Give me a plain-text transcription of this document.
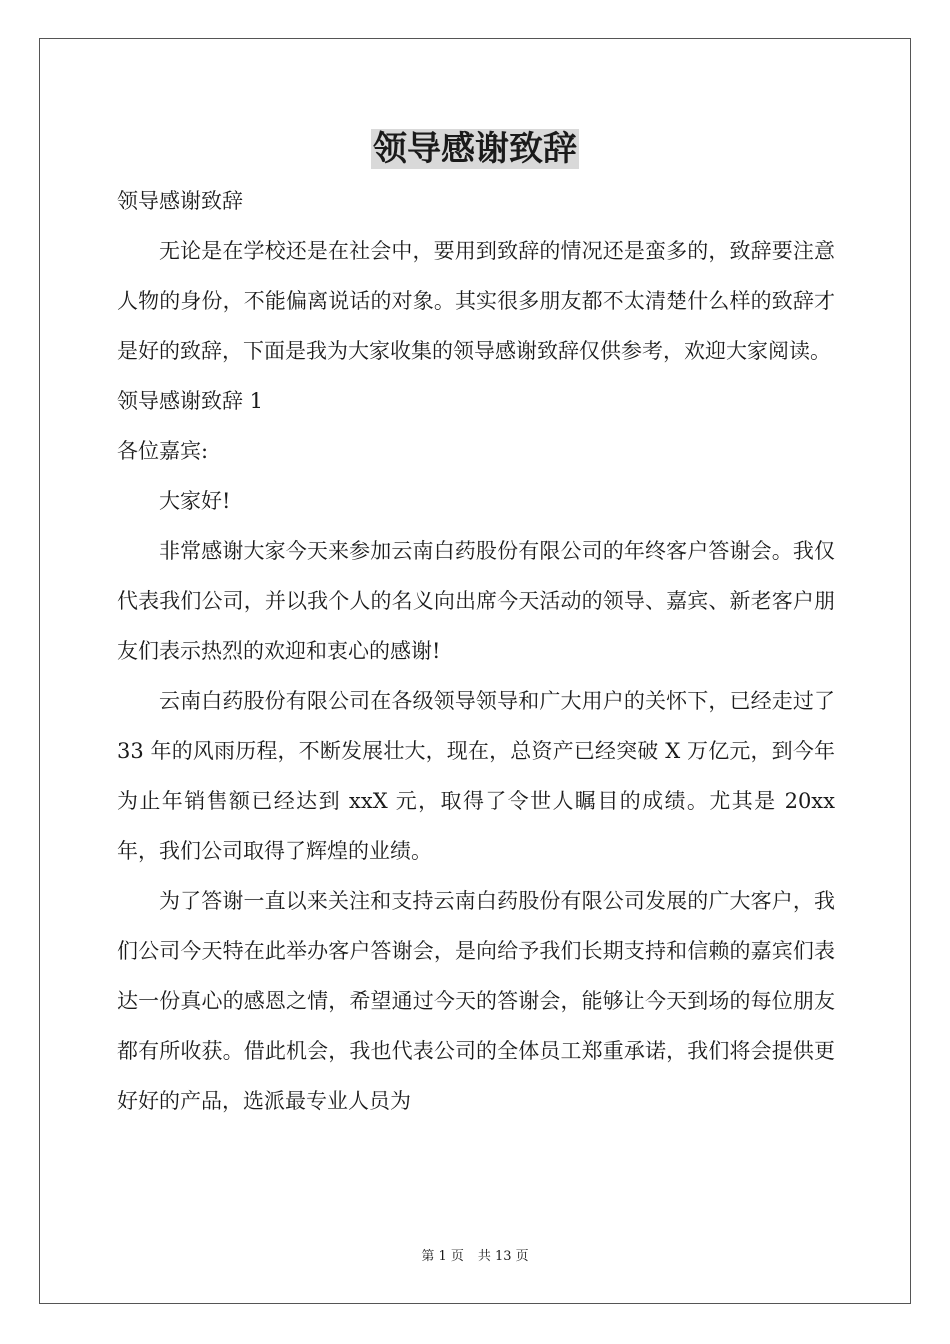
领导感谢致辞

领导感谢致辞

无论是在学校还是在社会中，要用到致辞的情况还是蛮多的，致辞要注意人物的身份，不能偏离说话的对象。其实很多朋友都不太清楚什么样的致辞才是好的致辞，下面是我为大家收集的领导感谢致辞仅供参考，欢迎大家阅读。

领导感谢致辞 1

各位嘉宾:

大家好!

非常感谢大家今天来参加云南白药股份有限公司的年终客户答谢会。我仅代表我们公司，并以我个人的名义向出席今天活动的领导、嘉宾、新老客户朋友们表示热烈的欢迎和衷心的感谢!

云南白药股份有限公司在各级领导领导和广大用户的关怀下，已经走过了 33 年的风雨历程，不断发展壮大，现在，总资产已经突破 X 万亿元，到今年为止年销售额已经达到 xxX 元，取得了令世人瞩目的成绩。尤其是 20xx 年，我们公司取得了辉煌的业绩。

为了答谢一直以来关注和支持云南白药股份有限公司发展的广大客户，我们公司今天特在此举办客户答谢会，是向给予我们长期支持和信赖的嘉宾们表达一份真心的感恩之情，希望通过今天的答谢会，能够让今天到场的每位朋友都有所收获。借此机会，我也代表公司的全体员工郑重承诺，我们将会提供更好好的产品，选派最专业人员为

第 1 页 共 13 页
